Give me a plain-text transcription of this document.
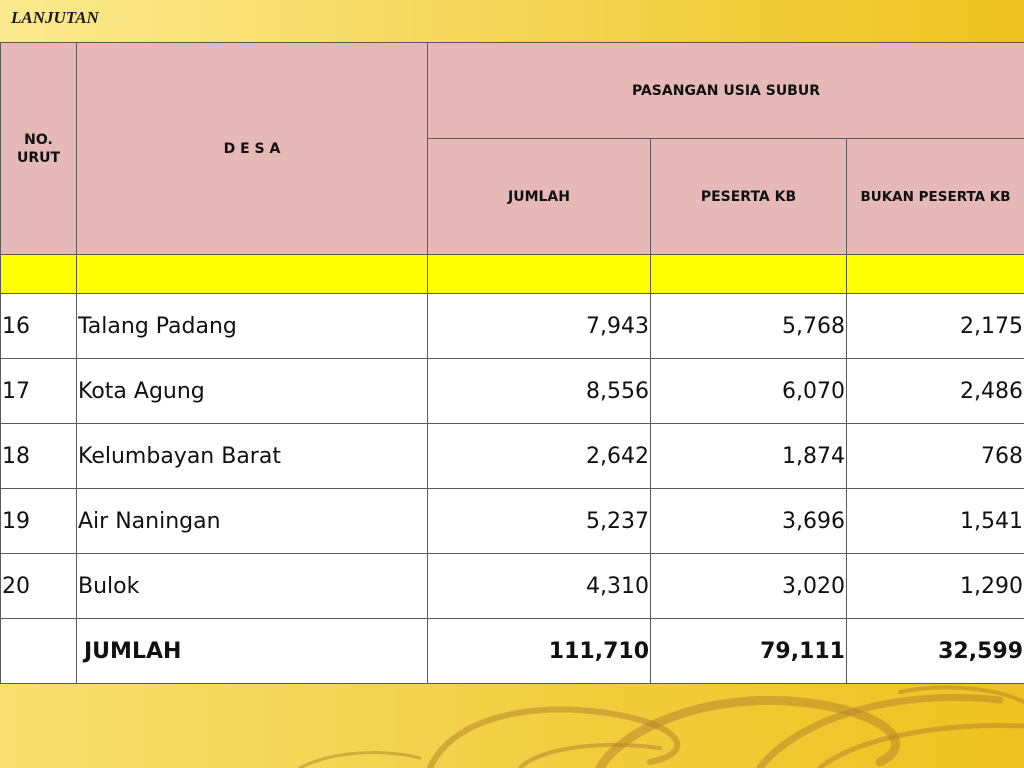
LANJUTAN
NO. URUT	D E S A	PASANGAN USIA SUBUR		
		JUMLAH	PESERTA KB	BUKAN PESERTA KB

16	Talang Padang	7,943	5,768	2,175
17	Kota Agung	8,556	6,070	2,486
18	Kelumbayan Barat	2,642	1,874	768
19	Air Naningan	5,237	3,696	1,541
20	Bulok	4,310	3,020	1,290
	JUMLAH	111,710	79,111	32,599
